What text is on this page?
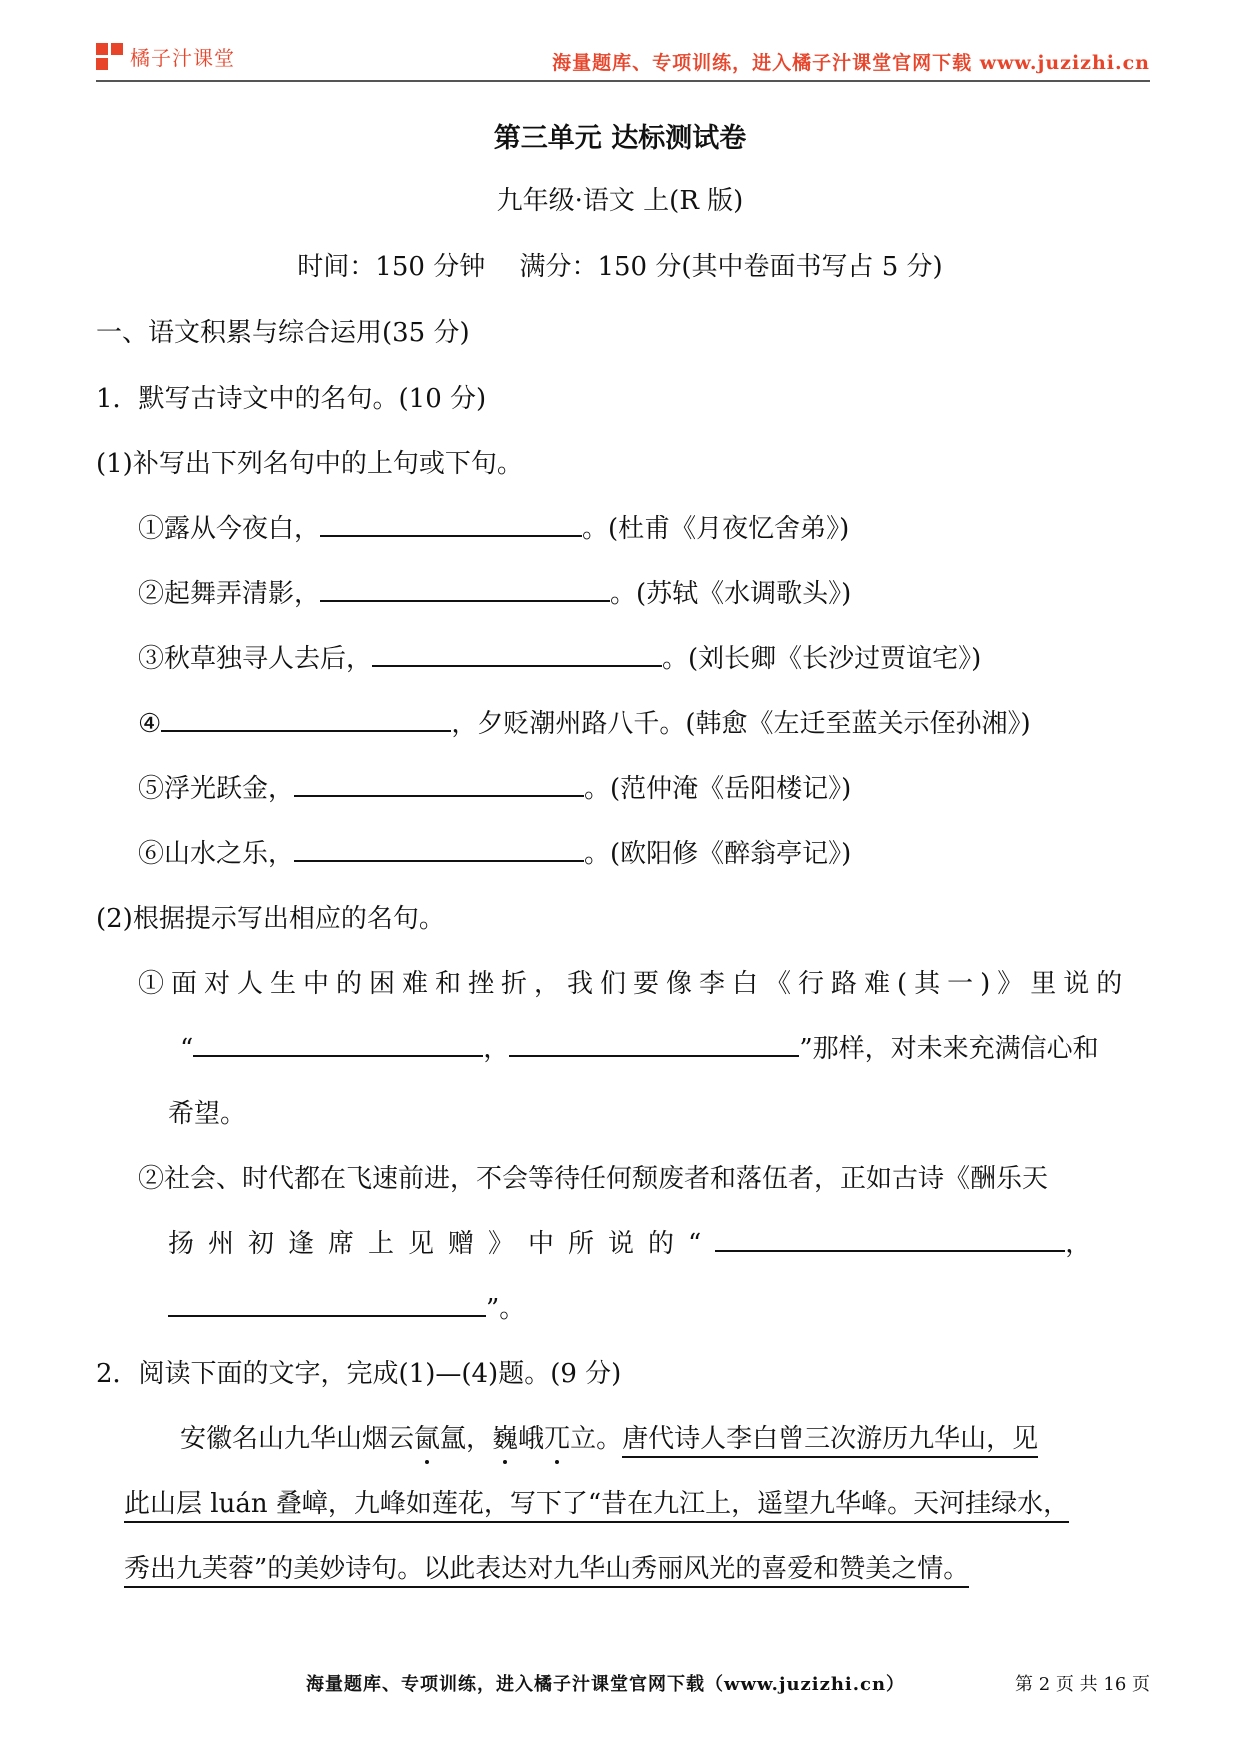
橘子汁课堂	海量题库、专项训练，进入橘子汁课堂官网下载 www.juzizhi.cn
第三单元 达标测试卷
九年级·语文 上(R 版)
时间：150 分钟　 满分：150 分(其中卷面书写占 5 分)
一、语文积累与综合运用(35 分)
1．默写古诗文中的名句。(10 分)
(1)补写出下列名句中的上句或下句。
①露从今夜白，	。(杜甫《月夜忆舍弟》)
②起舞弄清影，	。(苏轼《水调歌头》)
③秋草独寻人去后，	。(刘长卿《长沙过贾谊宅》)
④	，夕贬潮州路八千。(韩愈《左迁至蓝关示侄孙湘》)
⑤浮光跃金，	。(范仲淹《岳阳楼记》)
⑥山水之乐，	。(欧阳修《醉翁亭记》)
(2)根据提示写出相应的名句。
①面对人生中的困难和挫折，我们要像李白《行路难(其一)》里说的
“	，	”那样，对未来充满信心和
希望。
②社会、时代都在飞速前进，不会等待任何颓废者和落伍者，正如古诗《酬乐天
扬州初逢席上见赠》中所说的“	，
”。
2．阅读下面的文字，完成(1)—(4)题。(9 分)
安徽名山九华山烟云氤氲，巍峨兀立。唐代诗人李白曾三次游历九华山，见
此山层 luán 叠嶂，九峰如莲花，写下了“昔在九江上，遥望九华峰。天河挂绿水，
秀出九芙蓉”的美妙诗句。以此表达对九华山秀丽风光的喜爱和赞美之情。
海量题库、专项训练，进入橘子汁课堂官网下载（www.juzizhi.cn）	第 2 页 共 16 页
